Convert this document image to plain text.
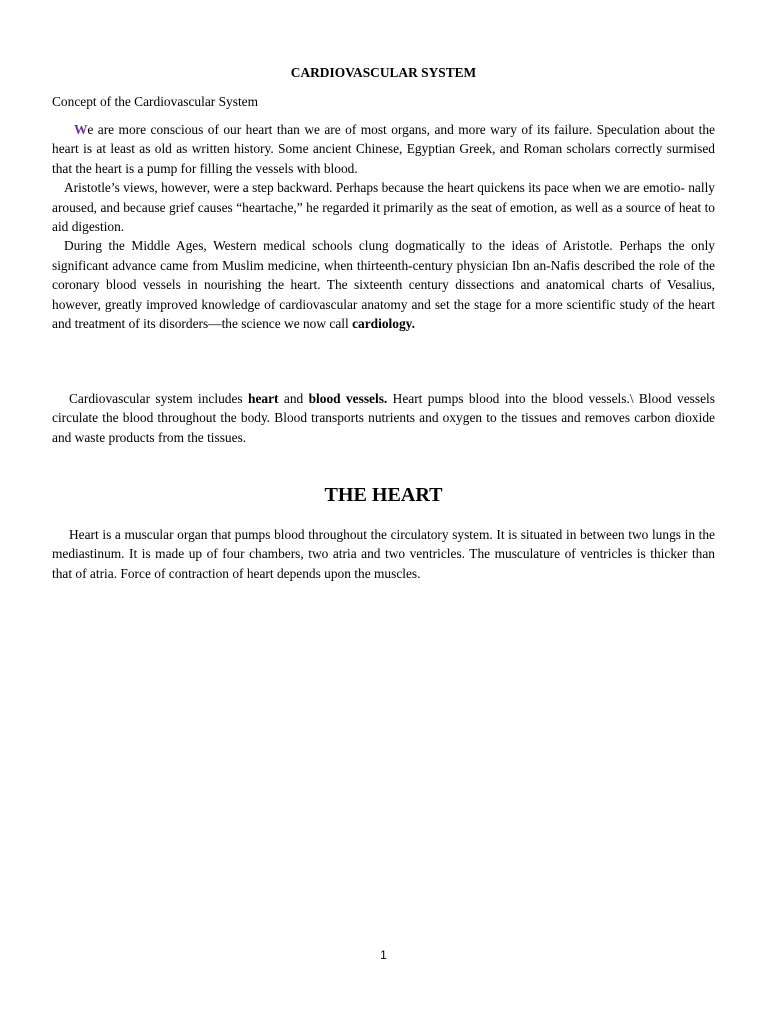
CARDIOVASCULAR SYSTEM

Concept of the Cardiovascular System

We are more conscious of our heart than we are of most organs, and more wary of its failure. Speculation about the heart is at least as old as written history. Some ancient Chinese, Egyptian Greek, and Roman scholars correctly surmised that the heart is a pump for filling the vessels with blood.

Aristotle’s views, however, were a step backward. Perhaps because the heart quickens its pace when we are emotio- nally aroused, and because grief causes “heartache,” he regarded it primarily as the seat of emotion, as well as a source of heat to aid digestion.

During the Middle Ages, Western medical schools clung dogmatically to the ideas of Aristotle. Perhaps the only significant advance came from Muslim medicine, when thirteenth-century physician Ibn an-Nafis described the role of the coronary blood vessels in nourishing the heart. The sixteenth century dissections and anatomical charts of Vesalius, however, greatly improved knowledge of cardiovascular anatomy and set the stage for a more scientific study of the heart and treatment of its disorders—the science we now call cardiology.

Cardiovascular system includes heart and blood vessels. Heart pumps blood into the blood vessels.\ Blood vessels circulate the blood throughout the body. Blood transports nutrients and oxygen to the tissues and removes carbon dioxide and waste products from the tissues.

THE HEART

Heart is a muscular organ that pumps blood throughout the circulatory system. It is situated in between two lungs in the mediastinum. It is made up of four chambers, two atria and two ventricles. The musculature of ventricles is thicker than that of atria. Force of contraction of heart depends upon the muscles.

1
